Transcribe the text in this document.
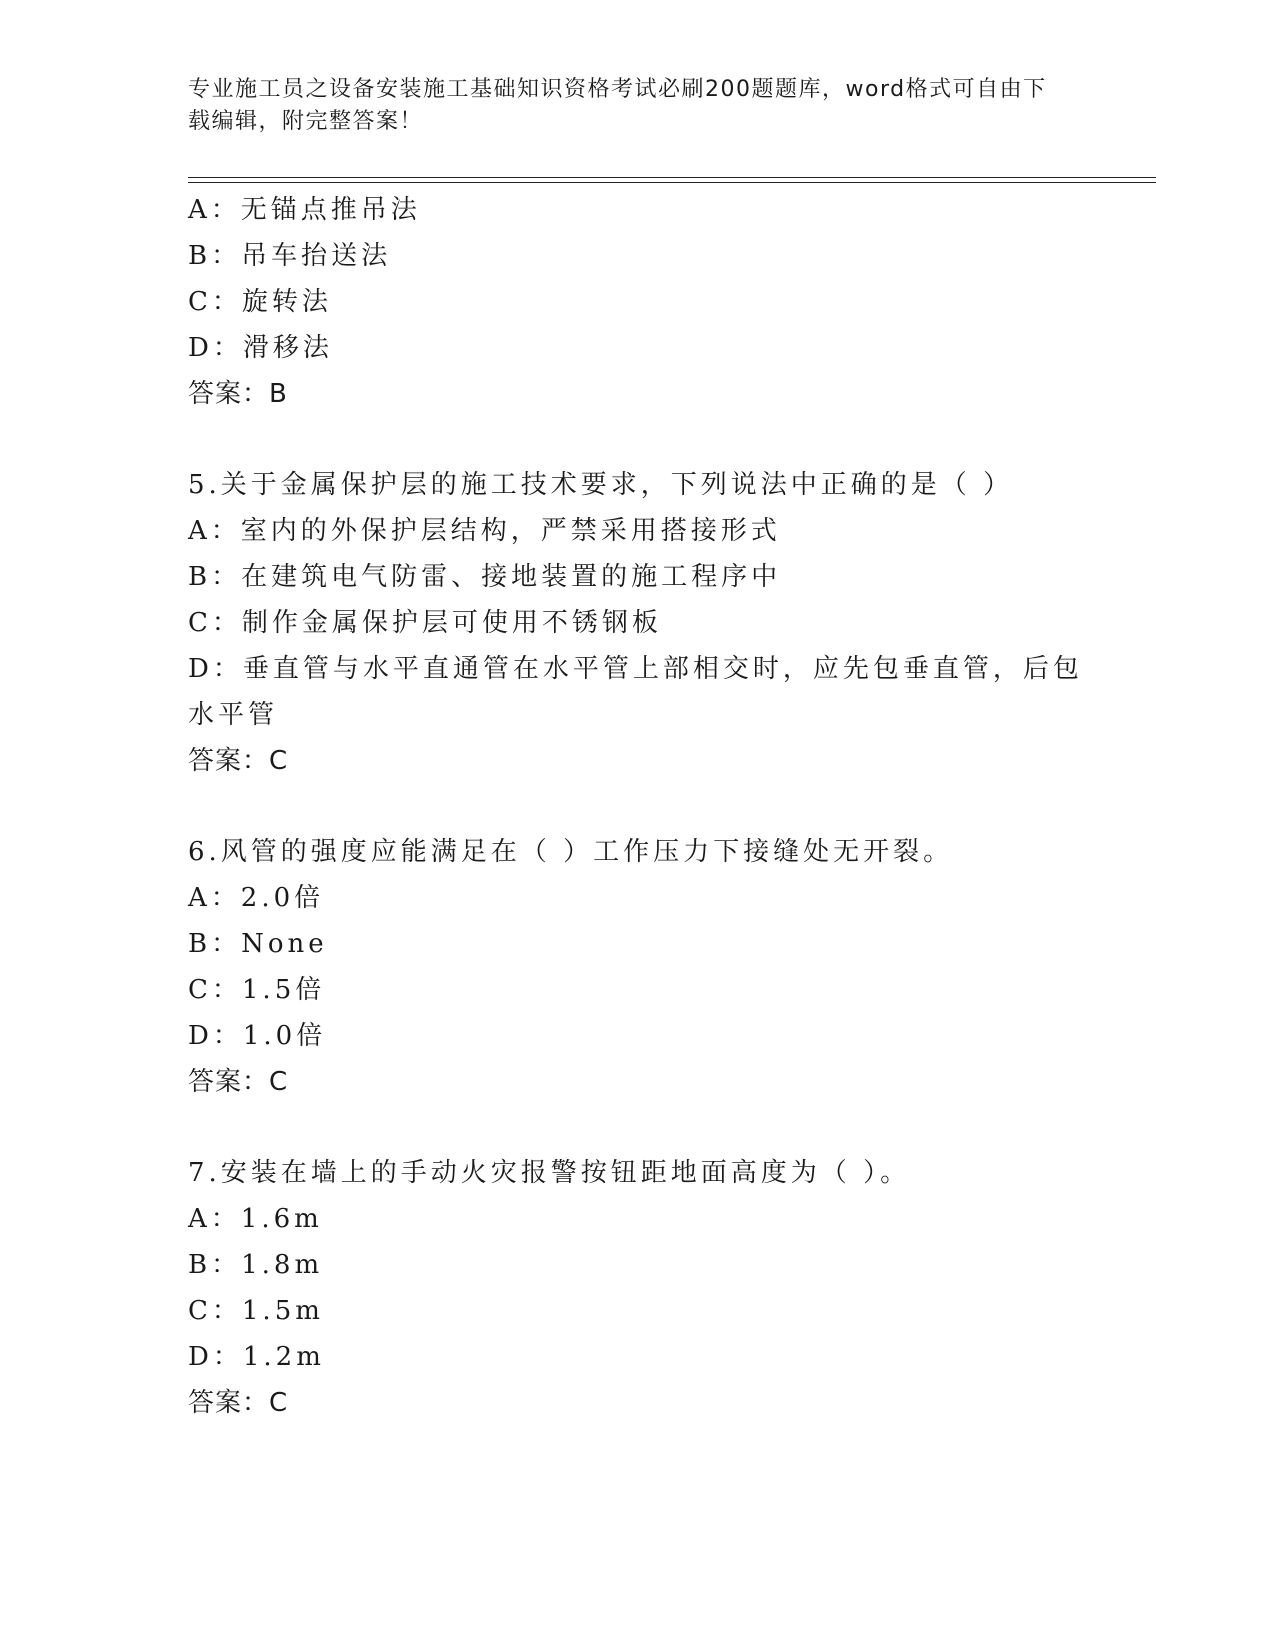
专业施工员之设备安装施工基础知识资格考试必刷200题题库，word格式可自由下载编辑，附完整答案！
A：无锚点推吊法
B：吊车抬送法
C：旋转法
D：滑移法
答案：B
5.关于金属保护层的施工技术要求，下列说法中正确的是（ ）
A：室内的外保护层结构，严禁采用搭接形式
B：在建筑电气防雷、接地装置的施工程序中
C：制作金属保护层可使用不锈钢板
D：垂直管与水平直通管在水平管上部相交时，应先包垂直管，后包水平管
答案：C
6.风管的强度应能满足在（ ）工作压力下接缝处无开裂。
A：2.0倍
B：None
C：1.5倍
D：1.0倍
答案：C
7.安装在墙上的手动火灾报警按钮距地面高度为（ ）。
A：1.6m
B：1.8m
C：1.5m
D：1.2m
答案：C
